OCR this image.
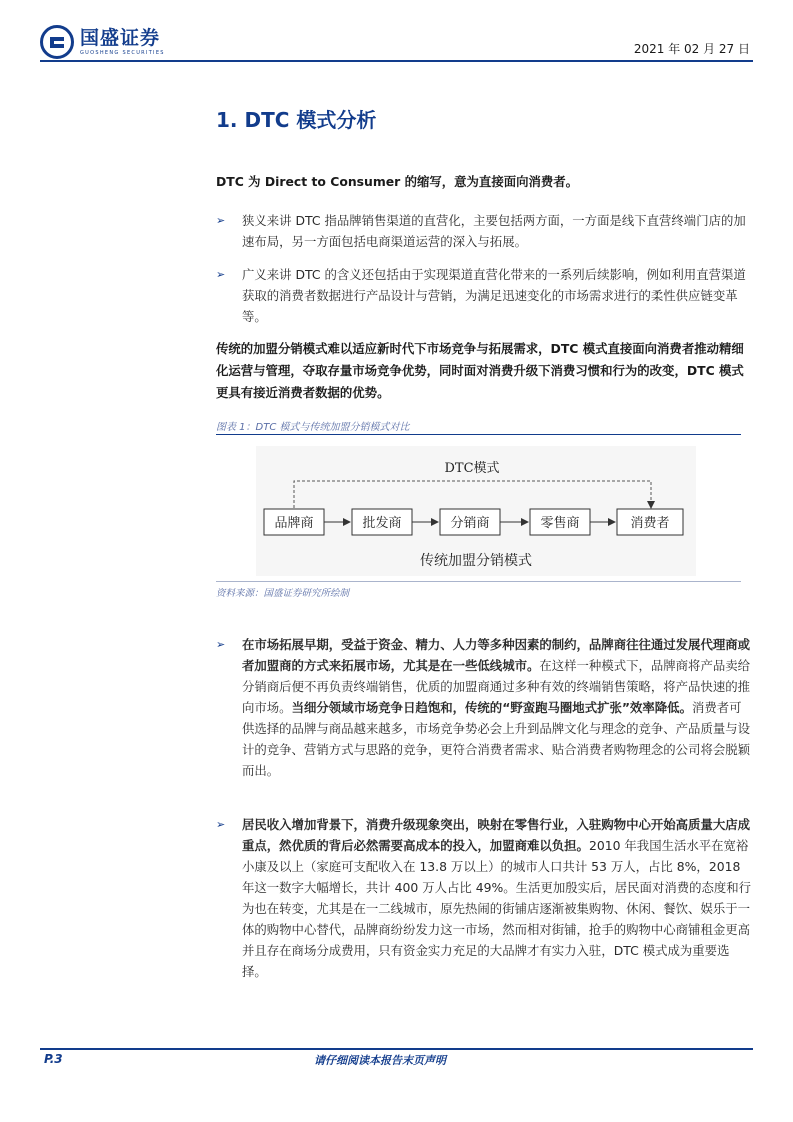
国盛证券
GUOSHENG SECURITIES	2021 年 02 月 27 日
1. DTC 模式分析
DTC 为 Direct to Consumer 的缩写，意为直接面向消费者。
➢ 狭义来讲 DTC 指品牌销售渠道的直营化，主要包括两方面，一方面是线下直营终端门店的加速布局，另一方面包括电商渠道运营的深入与拓展。
➢ 广义来讲 DTC 的含义还包括由于实现渠道直营化带来的一系列后续影响，例如利用直营渠道获取的消费者数据进行产品设计与营销，为满足迅速变化的市场需求进行的柔性供应链变革等。
传统的加盟分销模式难以适应新时代下市场竞争与拓展需求，DTC 模式直接面向消费者推动精细化运营与管理，夺取存量市场竞争优势，同时面对消费升级下消费习惯和行为的改变，DTC 模式更具有接近消费者数据的优势。
图表 1：DTC 模式与传统加盟分销模式对比
DTC模式
品牌商	批发商	分销商	零售商	消费者
传统加盟分销模式
资料来源：国盛证券研究所绘制
➢ 在市场拓展早期，受益于资金、精力、人力等多种因素的制约，品牌商往往通过发展代理商或者加盟商的方式来拓展市场，尤其是在一些低线城市。在这样一种模式下，品牌商将产品卖给分销商后便不再负责终端销售，优质的加盟商通过多种有效的终端销售策略，将产品快速的推向市场。当细分领域市场竞争日趋饱和，传统的“野蛮跑马圈地式扩张”效率降低。消费者可供选择的品牌与商品越来越多，市场竞争势必会上升到品牌文化与理念的竞争、产品质量与设计的竞争、营销方式与思路的竞争，更符合消费者需求、贴合消费者购物理念的公司将会脱颖而出。
➢ 居民收入增加背景下，消费升级现象突出，映射在零售行业，入驻购物中心开始高质量大店成重点，然优质的背后必然需要高成本的投入，加盟商难以负担。2010 年我国生活水平在宽裕小康及以上（家庭可支配收入在 13.8 万以上）的城市人口共计 53 万人，占比 8%，2018 年这一数字大幅增长，共计 400 万人占比 49%。生活更加殷实后，居民面对消费的态度和行为也在转变，尤其是在一二线城市，原先热闹的街铺店逐渐被集购物、休闲、餐饮、娱乐于一体的购物中心替代，品牌商纷纷发力这一市场，然而相对街铺，抢手的购物中心商铺租金更高并且存在商场分成费用，只有资金实力充足的大品牌才有实力入驻，DTC 模式成为重要选择。
P.3	请仔细阅读本报告末页声明
